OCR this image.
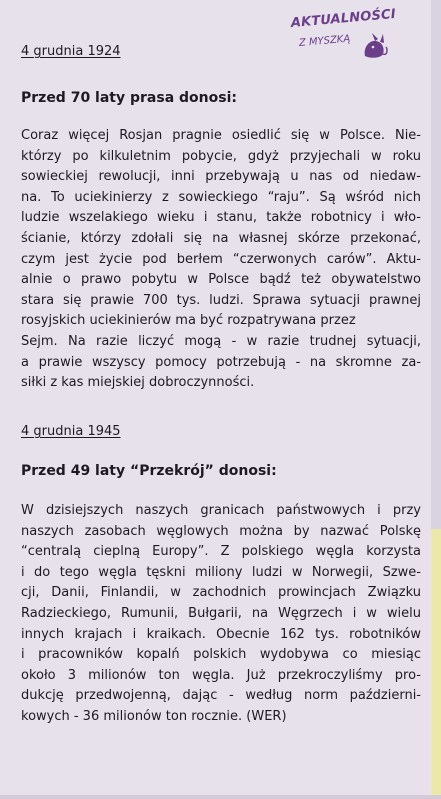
AKTUALNOŚCI
Z MYSZKĄ
4 grudnia 1924
Przed 70 laty prasa donosi:
Coraz więcej Rosjan pragnie osiedlić się w Polsce. Nie-
którzy po kilkuletnim pobycie, gdyż przyjechali w roku
sowieckiej rewolucji, inni przebywają u nas od niedaw-
na. To uciekinierzy z sowieckiego “raju”. Są wśród nich
ludzie wszelakiego wieku i stanu, także robotnicy i wło-
ścianie, którzy zdołali się na własnej skórze przekonać,
czym jest życie pod berłem “czerwonych carów”. Aktu-
alnie o prawo pobytu w Polsce bądź też obywatelstwo
stara się prawie 700 tys. ludzi. Sprawa sytuacji prawnej
rosyjskich uciekinierów ma być rozpatrywana przez
Sejm. Na razie liczyć mogą - w razie trudnej sytuacji,
a prawie wszyscy pomocy potrzebują - na skromne za-
siłki z kas miejskiej dobroczynności.
4 grudnia 1945
Przed 49 laty “Przekrój” donosi:
W dzisiejszych naszych granicach państwowych i przy
naszych zasobach węglowych można by nazwać Polskę
“centralą cieplną Europy”. Z polskiego węgla korzysta
i do tego węgla tęskni miliony ludzi w Norwegii, Szwe-
cji, Danii, Finlandii, w zachodnich prowincjach Związku
Radzieckiego, Rumunii, Bułgarii, na Węgrzech i w wielu
innych krajach i kraikach. Obecnie 162 tys. robotników
i pracowników kopalń polskich wydobywa co miesiąc
około 3 milionów ton węgla. Już przekroczyliśmy pro-
dukcję przedwojenną, dając - według norm październi-
kowych - 36 milionów ton rocznie. (WER)
